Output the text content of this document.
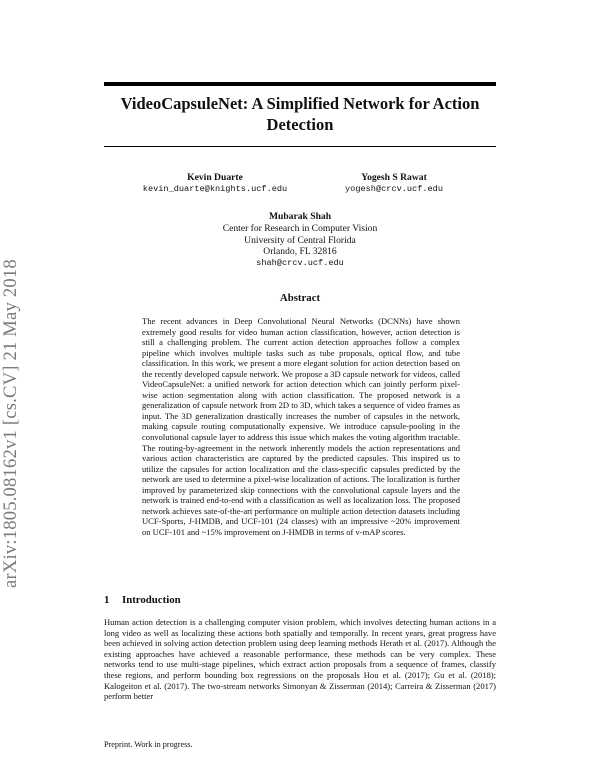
arXiv:1805.08162v1 [cs.CV] 21 May 2018
VideoCapsuleNet: A Simplified Network for Action Detection
Kevin Duarte
kevin_duarte@knights.ucf.edu
Yogesh S Rawat
yogesh@crcv.ucf.edu
Mubarak Shah
Center for Research in Computer Vision
University of Central Florida
Orlando, FL 32816
shah@crcv.ucf.edu
Abstract
The recent advances in Deep Convolutional Neural Networks (DCNNs) have shown extremely good results for video human action classification, however, action detection is still a challenging problem. The current action detection approaches follow a complex pipeline which involves multiple tasks such as tube proposals, optical flow, and tube classification. In this work, we present a more elegant solution for action detection based on the recently developed capsule network. We propose a 3D capsule network for videos, called VideoCapsuleNet: a unified network for action detection which can jointly perform pixel-wise action segmentation along with action classification. The proposed network is a generalization of capsule network from 2D to 3D, which takes a sequence of video frames as input. The 3D generalization drastically increases the number of capsules in the network, making capsule routing computationally expensive. We introduce capsule-pooling in the convolutional capsule layer to address this issue which makes the voting algorithm tractable. The routing-by-agreement in the network inherently models the action representations and various action characteristics are captured by the predicted capsules. This inspired us to utilize the capsules for action localization and the class-specific capsules predicted by the network are used to determine a pixel-wise localization of actions. The localization is further improved by parameterized skip connections with the convolutional capsule layers and the network is trained end-to-end with a classification as well as localization loss. The proposed network achieves sate-of-the-art performance on multiple action detection datasets including UCF-Sports, J-HMDB, and UCF-101 (24 classes) with an impressive ~20% improvement on UCF-101 and ~15% improvement on J-HMDB in terms of v-mAP scores.
1 Introduction
Human action detection is a challenging computer vision problem, which involves detecting human actions in a long video as well as localizing these actions both spatially and temporally. In recent years, great progress have been achieved in solving action detection problem using deep learning methods Herath et al. (2017). Although the existing approaches have achieved a reasonable performance, these methods can be very complex. These networks tend to use multi-stage pipelines, which extract action proposals from a sequence of frames, classify these regions, and perform bounding box regressions on the proposals Hou et al. (2017); Gu et al. (2018); Kalogeiton et al. (2017). The two-stream networks Simonyan & Zisserman (2014); Carreira & Zisserman (2017) perform better
Preprint. Work in progress.
